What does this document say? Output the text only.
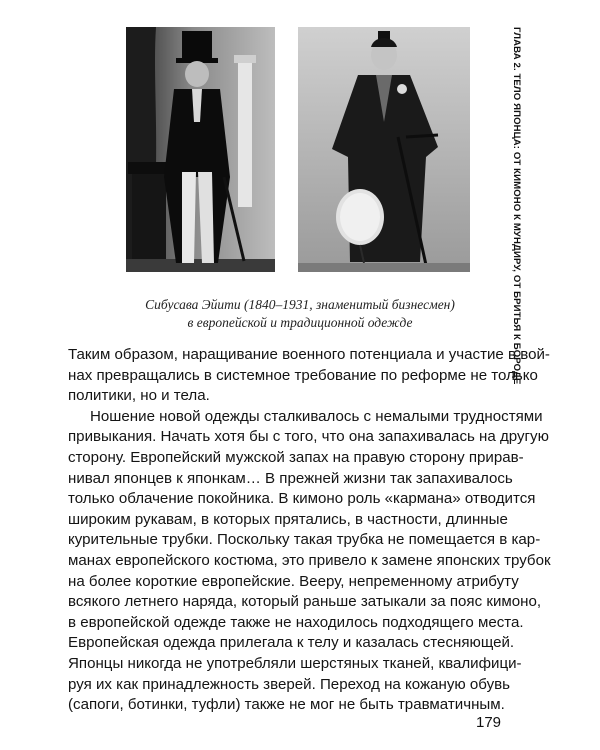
Сибусава Эйити (1840–1931, знаменитый бизнесмен)
в европейской и традиционной одежде	ГЛАВА 2. ТЕЛО ЯПОНЦА: ОТ КИМОНО К МУНДИРУ, ОТ БРИТЬЯ К БОРОДЕ
Таким образом, наращивание военного потенциала и участие в вой-
нах превращались в системное требование по реформе не только
политики, но и тела.
Ношение новой одежды сталкивалось с немалыми трудностями
привыкания. Начать хотя бы с того, что она запахивалась на другую
сторону. Европейский мужской запах на правую сторону прирав-
нивал японцев к японкам… В прежней жизни так запахивалось
только облачение покойника. В кимоно роль «кармана» отводится
широким рукавам, в которых прятались, в частности, длинные
курительные трубки. Поскольку такая трубка не помещается в кар-
манах европейского костюма, это привело к замене японских трубок
на более короткие европейские. Вееру, непременному атрибуту
всякого летнего наряда, который раньше затыкали за пояс кимоно,
в европейской одежде также не находилось подходящего места.
Европейская одежда прилегала к телу и казалась стесняющей.
Японцы никогда не употребляли шерстяных тканей, квалифици-
руя их как принадлежность зверей. Переход на кожаную обувь
(сапоги, ботинки, туфли) также не мог не быть травматичным.
179
